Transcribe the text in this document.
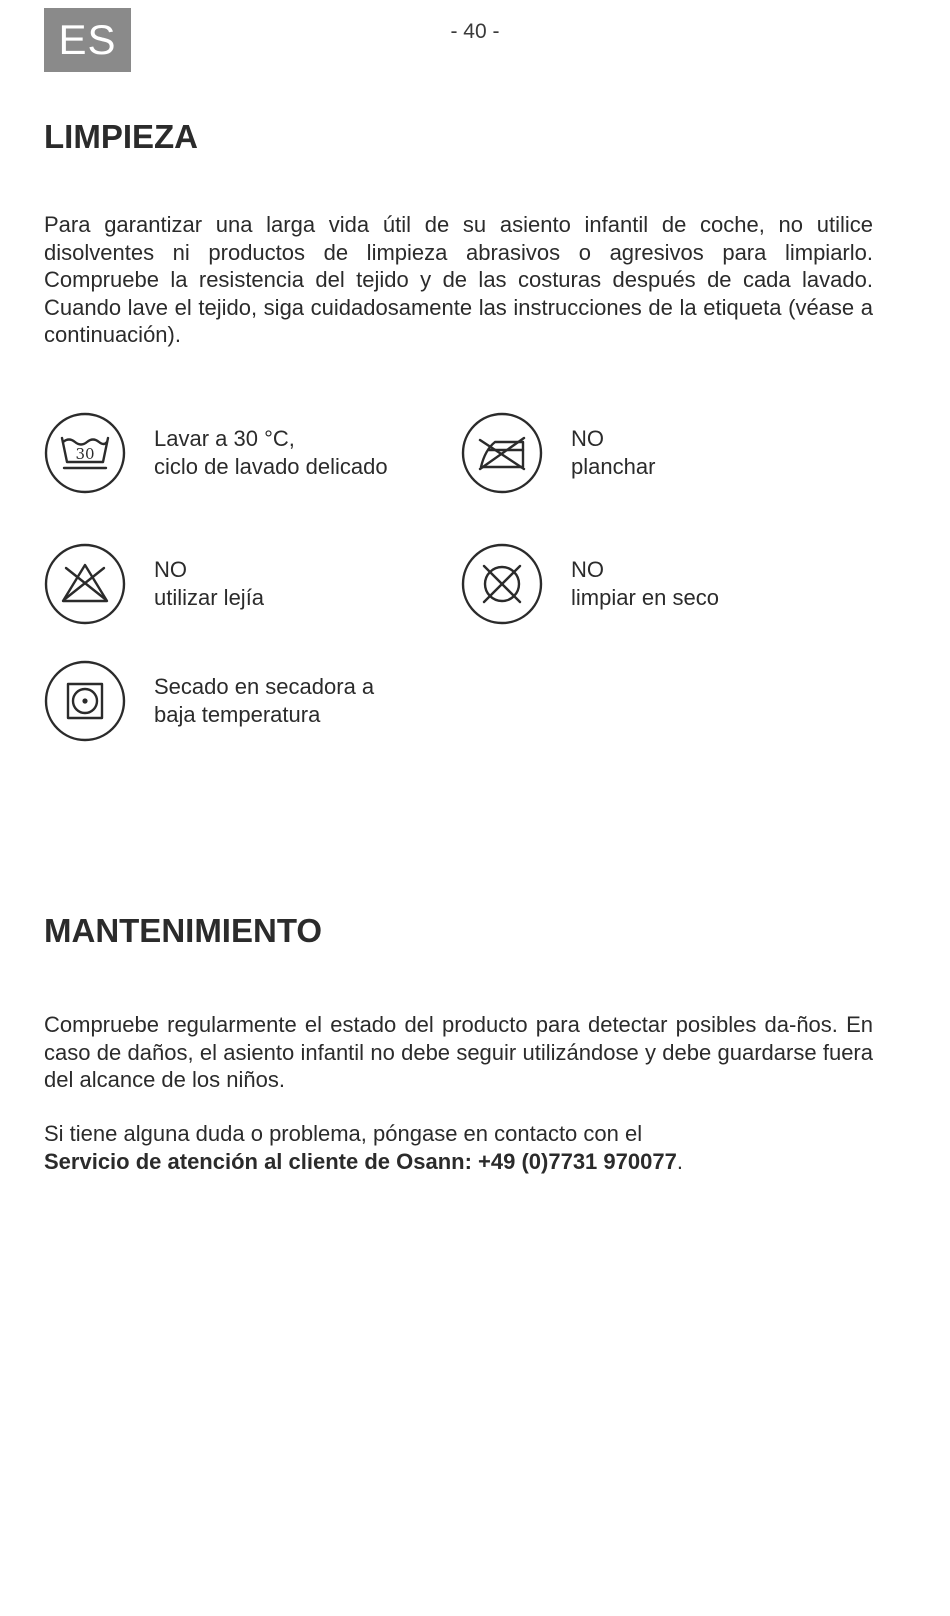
ES	- 40 -
LIMPIEZA

Para garantizar una larga vida útil de su asiento infantil de coche, no utilice disolventes ni productos de limpieza abrasivos o agresivos para limpiarlo. Compruebe la resistencia del tejido y de las costuras después de cada lavado. Cuando lave el tejido, siga cuidadosamente las instrucciones de la etiqueta (véase a continuación).

30
Lavar a 30 °C,
ciclo de lavado delicado
NO
planchar
NO
utilizar lejía
NO
limpiar en seco
Secado en secadora a
baja temperatura
MANTENIMIENTO

Compruebe regularmente el estado del producto para detectar posibles da-ños. En caso de daños, el asiento infantil no debe seguir utilizándose y debe guardarse fuera del alcance de los niños.

Si tiene alguna duda o problema, póngase en contacto con el
Servicio de atención al cliente de Osann: +49 (0)7731 970077.
